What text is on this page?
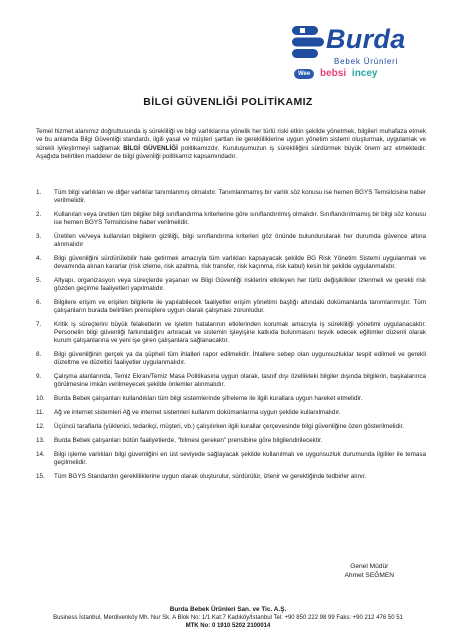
Burda
Bebek Ürünleri
Wee bebsi incey
BİLGİ GÜVENLİĞİ POLİTİKAMIZ
Temel hizmet alanımız doğrultusunda iş sürekliliği ve bilgi varlıklarına yönelik her türlü riski etkin şekilde yönetmek, bilgileri muhafaza etmek ve bu anlamda Bilgi Güvenliği standardı, ilgili yasal ve müşteri şartları ile gerekliliklerine uygun yönetim sistemi oluşturmak, uygulamak ve sürekli iyileştirmeyi sağlamak BİLGİ GÜVENLİĞİ politikamızdır. Kuruluşumuzun iş sürekliliğini sürdürmek büyük önem arz etmektedir. Aşağıda belirtilen maddeler de bilgi güvenliği politikamız kapsamındadır.
1. Tüm bilgi varlıkları ve diğer varlıklar tanımlanmış olmalıdır. Tanımlanmamış bir varlık söz konusu ise hemen BGYS Temsilcisine haber verilmelidir.
2. Kullanılan veya üretilen tüm bilgiler bilgi sınıflandırma kriterlerine göre sınıflandırılmış olmalıdır. Sınıflandırılmamış bir bilgi söz konusu ise hemen BGYS Temsilcisine haber verilmelidir.
3. Üretilen ve/veya kullanılan bilgilerin gizliliği, bilgi sınıflandırma kriterleri göz önünde bulundurularak her durumda güvence altına alınmalıdır
4. Bilgi güvenliğini sürdürülebilir hale getirmek amacıyla tüm varlıkları kapsayacak şekilde BG Risk Yönetim Sistemi uygulanmalı ve devamında alınan kararlar (risk izleme, risk azaltma, risk transfer, risk kaçınma, risk kabul) kesin bir şekilde uygulanmalıdır.
5. Altyapı, organizasyon veya süreçlerde yaşanan ve Bilgi Güvenliği risklerini etkileyen her türlü değişiklikler izlenmeli ve gerekli risk gözden geçirme faaliyetleri yapılmalıdır.
6. Bilgilere erişim ve erişilen bilgilerle ile yapılabilecek faaliyetler erişim yönetimi başlığı altındaki dokümanlarda tanımlanmıştır. Tüm çalışanların burada belirtilen prensiplere uygun olarak çalışması zorunludur.
7. Kritik iş süreçlerini büyük felaketlerin ve işletim hatalarının etkilerinden korumak amacıyla iş sürekliliği yönetimi uygulanacaktır. Personelin bilgi güvenliği farkındalığını artıracak ve sistemin işleyişine katkıda bulunmasını teşvik edecek eğitimler düzenli olarak kurum çalışanlarına ve yeni işe giren çalışanlara sağlanacaktır.
8. Bilgi güvenliğinin gerçek ya da şüpheli tüm ihlalleri rapor edilmelidir. İhlallere sebep olan uygunsuzluklar tespit edilmeli ve gerekli düzeltme ve düzeltici faaliyetler uygulanmalıdır.
9. Çalışma alanlarında, Temiz Ekran/Temiz Masa Politikasına uygun olarak, tasnif dışı özellikteki bilgiler dışında bilgilerin, başkalarınca görülmesine imkân verilmeyecek şekilde önlemler alınmalıdır.
10. Burda Bebek çalışanları kullandıkları tüm bilgi sistemlerinde şifreleme ile ilgili kurallara uygun hareket etmelidir.
11. Ağ ve internet sistemleri Ağ ve internet sistemleri kullanım dokümanlarına uygun şekilde kullanılmalıdır.
12. Üçüncü taraflarla (yüklenici, tedarikçi, müşteri, vb.) çalışılırken ilgili kurallar çerçevesinde bilgi güvenliğine özen gösterilmelidir.
13. Burda Bebek çalışanları bütün faaliyetlerde, "bilmesi gereken" prensibine göre bilgilendirilecektir.
14. Bilgi işleme varlıkları bilgi güvenliğini en üst seviyede sağlayacak şekilde kullanılmalı ve uygunsuzluk durumunda ilgililer ile temasa geçilmelidir.
15. Tüm BGYS Standardın gerekliliklerine uygun olarak oluşturulur, sürdürülür, izlenir ve gerektiğinde tedbirler alınır.
Genel Müdür
Ahmet SEĞMEN
Burda Bebek Ürünleri San. ve Tic. A.Ş.
Business İstanbul, Merdivenköy Mh. Nur Sk. A Blok No: 1/1 Kat:7 Kadıköy/İstanbul Tel: +90 850 222 98 99 Faks: +90 212 476 50 51
MTK No: 0 1910 5202 2100014
